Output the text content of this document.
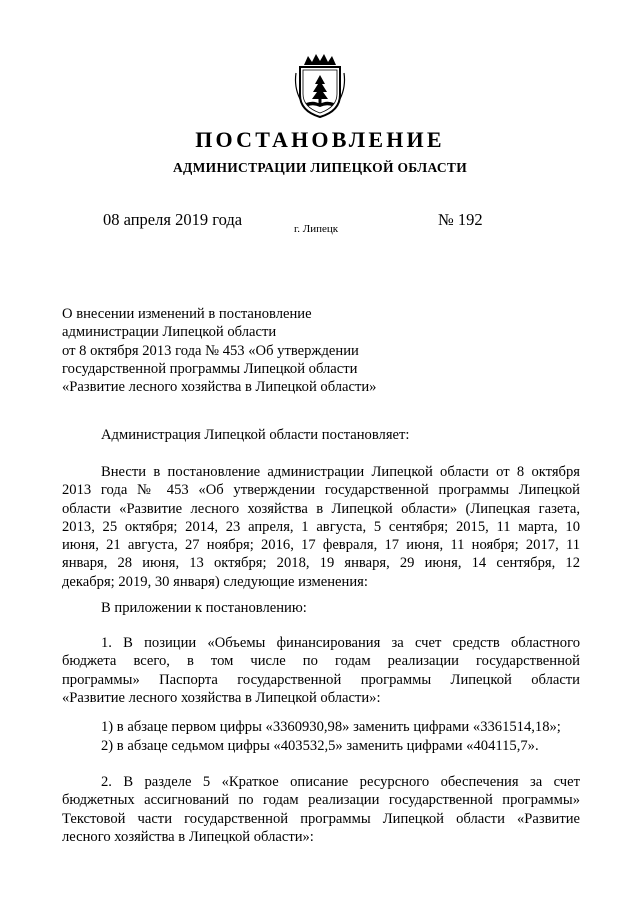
ПОСТАНОВЛЕНИЕ
АДМИНИСТРАЦИИ ЛИПЕЦКОЙ ОБЛАСТИ
08 апреля 2019 года	г. Липецк	№ 192
О внесении изменений в постановление
администрации Липецкой области
от 8 октября 2013 года № 453 «Об утверждении
государственной программы Липецкой области
«Развитие лесного хозяйства в Липецкой области»
Администрация Липецкой области постановляет:
Внести в постановление администрации Липецкой области от 8 октября
2013 года № 453 «Об утверждении государственной программы Липецкой
области «Развитие лесного хозяйства в Липецкой области» (Липецкая газета,
2013, 25 октября; 2014, 23 апреля, 1 августа, 5 сентября; 2015, 11 марта, 10
июня, 21 августа, 27 ноября; 2016, 17 февраля, 17 июня, 11 ноября; 2017, 11
января, 28 июня, 13 октября; 2018, 19 января, 29 июня, 14 сентября, 12
декабря; 2019, 30 января) следующие изменения:
В приложении к постановлению:
1. В позиции «Объемы финансирования за счет средств областного
бюджета всего, в том числе по годам реализации государственной
программы» Паспорта государственной программы Липецкой области
«Развитие лесного хозяйства в Липецкой области»:
1) в абзаце первом цифры «3360930,98» заменить цифрами «3361514,18»;
2) в абзаце седьмом цифры «403532,5» заменить цифрами «404115,7».
2. В разделе 5 «Краткое описание ресурсного обеспечения за счет
бюджетных ассигнований по годам реализации государственной программы»
Текстовой части государственной программы Липецкой области «Развитие
лесного хозяйства в Липецкой области»:
